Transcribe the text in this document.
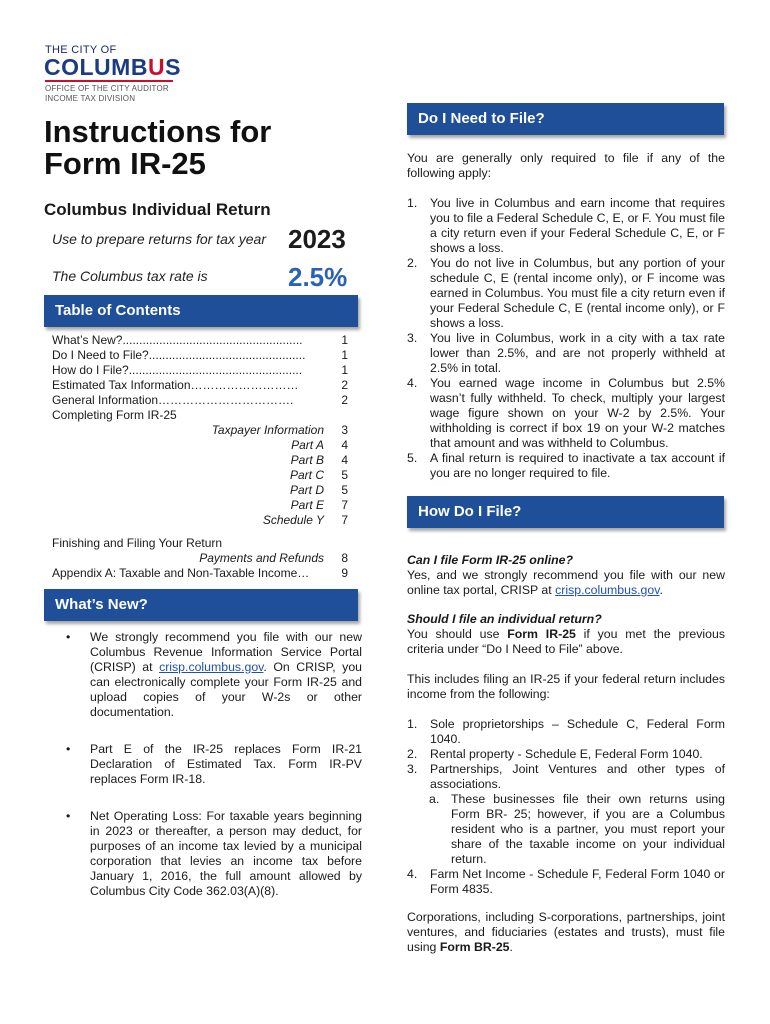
THE CITY OF
COLUMBUS
OFFICE OF THE CITY AUDITOR
INCOME TAX DIVISION
Instructions for
Form IR-25
Columbus Individual Return
Use to prepare returns for tax year 2023
The Columbus tax rate is	2.5%
Table of Contents
What’s New?......................................................	1
Do I Need to File?...............................................	1
How do I File?....................................................	1
Estimated Tax Information………………………	2
General Information…………………………….	2
Completing Form IR-25
Taxpayer Information 3
Part A 4
Part B 4
Part C 5
Part D 5
Part E 7
Schedule Y 7
Finishing and Filing Your Return
Payments and Refunds 8
Appendix A: Taxable and Non-Taxable Income…	9
What’s New?
• We strongly recommend you file with our new Columbus Revenue Information Service Portal (CRISP) at crisp.columbus.gov. On CRISP, you can electronically complete your Form IR-25 and upload copies of your W-2s or other documentation.
• Part E of the IR-25 replaces Form IR-21 Declaration of Estimated Tax. Form IR-PV replaces Form IR-18.
• Net Operating Loss: For taxable years beginning in 2023 or thereafter, a person may deduct, for purposes of an income tax levied by a municipal corporation that levies an income tax before January 1, 2016, the full amount allowed by Columbus City Code 362.03(A)(8).
Do I Need to File?
You are generally only required to file if any of the following apply:
1. You live in Columbus and earn income that requires you to file a Federal Schedule C, E, or F. You must file a city return even if your Federal Schedule C, E, or F shows a loss.
2. You do not live in Columbus, but any portion of your schedule C, E (rental income only), or F income was earned in Columbus. You must file a city return even if your Federal Schedule C, E (rental income only), or F shows a loss.
3. You live in Columbus, work in a city with a tax rate lower than 2.5%, and are not properly withheld at 2.5% in total.
4. You earned wage income in Columbus but 2.5% wasn’t fully withheld. To check, multiply your largest wage figure shown on your W-2 by 2.5%. Your withholding is correct if box 19 on your W-2 matches that amount and was withheld to Columbus.
5. A final return is required to inactivate a tax account if you are no longer required to file.
How Do I File?
Can I file Form IR-25 online?
Yes, and we strongly recommend you file with our new online tax portal, CRISP at crisp.columbus.gov.
Should I file an individual return?
You should use Form IR-25 if you met the previous criteria under “Do I Need to File” above.
This includes filing an IR-25 if your federal return includes income from the following:
1. Sole proprietorships – Schedule C, Federal Form 1040.
2. Rental property - Schedule E, Federal Form 1040.
3. Partnerships, Joint Ventures and other types of associations.
a. These businesses file their own returns using Form BR- 25; however, if you are a Columbus resident who is a partner, you must report your share of the taxable income on your individual return.
4. Farm Net Income - Schedule F, Federal Form 1040 or Form 4835.
Corporations, including S-corporations, partnerships, joint ventures, and fiduciaries (estates and trusts), must file using Form BR-25.
